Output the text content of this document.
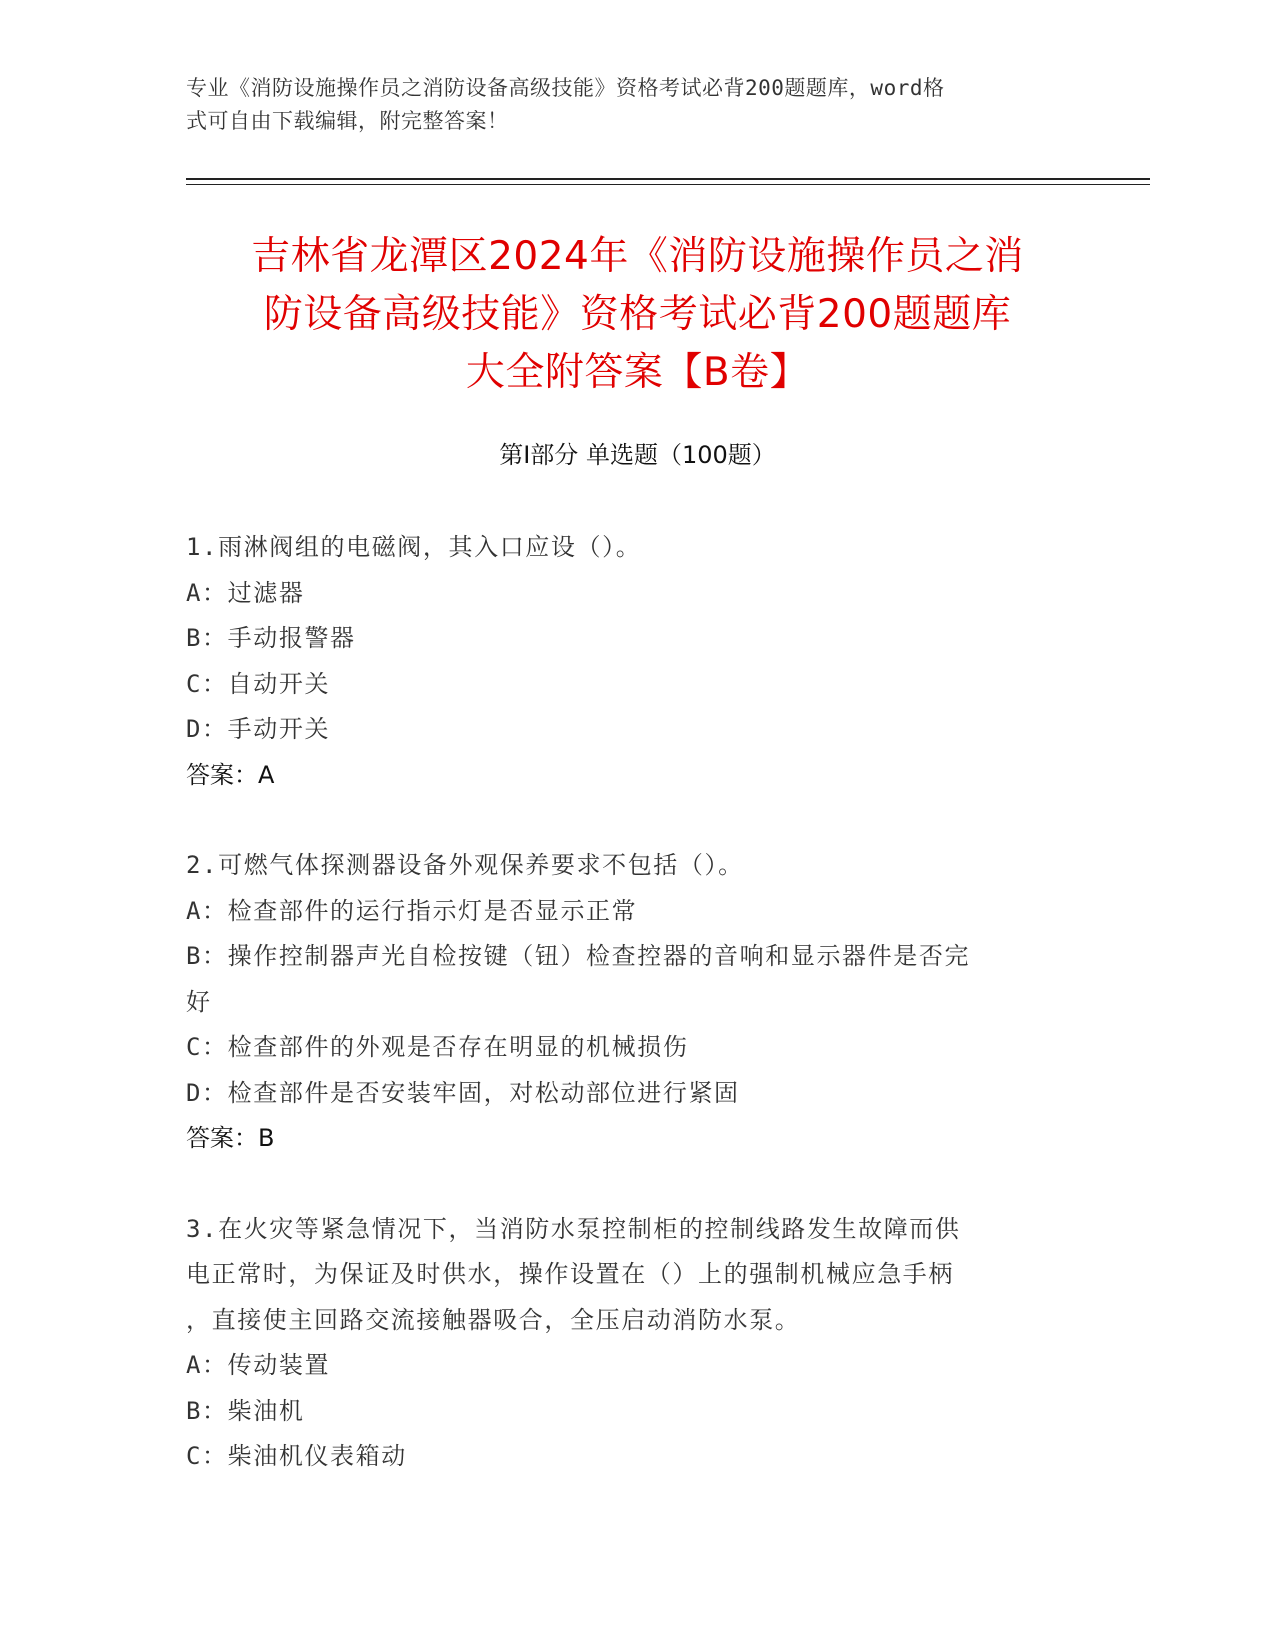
专业《消防设施操作员之消防设备高级技能》资格考试必背200题题库，word格
式可自由下载编辑，附完整答案！
吉林省龙潭区2024年《消防设施操作员之消
防设备高级技能》资格考试必背200题题库
大全附答案【B卷】
第Ⅰ部分 单选题（100题）
1.雨淋阀组的电磁阀，其入口应设（）。
A：过滤器
B：手动报警器
C：自动开关
D：手动开关
答案：A
2.可燃气体探测器设备外观保养要求不包括（）。
A：检查部件的运行指示灯是否显示正常
B：操作控制器声光自检按键（钮）检查控器的音响和显示器件是否完
好
C：检查部件的外观是否存在明显的机械损伤
D：检查部件是否安装牢固，对松动部位进行紧固
答案：B
3.在火灾等紧急情况下，当消防水泵控制柜的控制线路发生故障而供
电正常时，为保证及时供水，操作设置在（）上的强制机械应急手柄
，直接使主回路交流接触器吸合，全压启动消防水泵。
A：传动装置
B：柴油机
C：柴油机仪表箱动
